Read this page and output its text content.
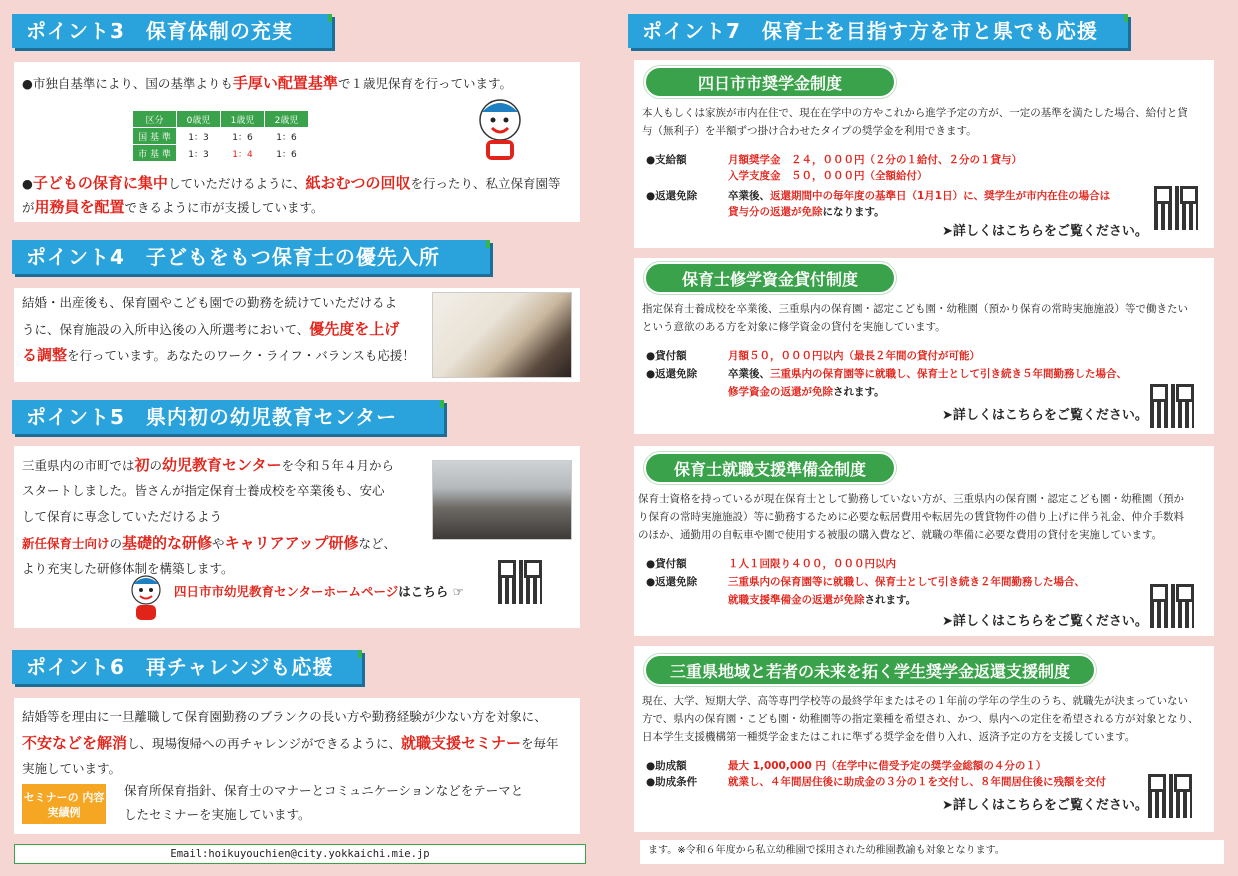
ポイント3　保育体制の充実
●市独自基準により、国の基準よりも手厚い配置基準で１歳児保育を行っています。
区分	0歳児	1歳児	2歳児
国 基 準	1：3	1：6	1：6
市 基 準	1：3	1：4	1：6
●子どもの保育に集中していただけるように、紙おむつの回収を行ったり、私立保育園等
が用務員を配置できるように市が支援しています。
ポイント4　子どもをもつ保育士の優先入所
結婚・出産後も、保育園やこども園での勤務を続けていただけるよ
うに、保育施設の入所申込後の入所選考において、優先度を上げ
る調整を行っています。あなたのワーク・ライフ・バランスも応援！
ポイント5　県内初の幼児教育センター
三重県内の市町では初の幼児教育センターを令和５年４月から
スタートしました。皆さんが指定保育士養成校を卒業後も、安心
して保育に専念していただけるよう
新任保育士向けの基礎的な研修やキャリアアップ研修など、
より充実した研修体制を構築します。
四日市市幼児教育センターホームページはこちら ☞
ポイント6　再チャレンジも応援
結婚等を理由に一旦離職して保育園勤務のブランクの長い方や勤務経験が少ない方を対象に、
不安などを解消し、現場復帰への再チャレンジができるように、就職支援セミナーを毎年
実施しています。
セミナーの 内容実績例
保育所保育指針、保育士のマナーとコミュニケーションなどをテーマと
したセミナーを実施しています。
Email:hoikuyouchien@city.yokkaichi.mie.jp
ポイント7　保育士を目指す方を市と県でも応援
四日市市奨学金制度
本人もしくは家族が市内在住で、現在在学中の方やこれから進学予定の方が、一定の基準を満たした場合、給付と貸
与（無利子）を半額ずつ掛け合わせたタイプの奨学金を利用できます。
●支給額	月額奨学金　２４，０００円（２分の１給付、２分の１貸与）
入学支度金　５０，０００円（全額給付）
●返還免除	卒業後、返還期間中の毎年度の基準日（1月1日）に、奨学生が市内在住の場合は
貸与分の返還が免除になります。
➤詳しくはこちらをご覧ください。
保育士修学資金貸付制度
指定保育士養成校を卒業後、三重県内の保育園・認定こども園・幼稚園（預かり保育の常時実施施設）等で働きたい
という意欲のある方を対象に修学資金の貸付を実施しています。
●貸付額	月額５０，０００円以内（最長２年間の貸付が可能）
●返還免除	卒業後、三重県内の保育園等に就職し、保育士として引き続き５年間勤務した場合、
修学資金の返還が免除されます。
➤詳しくはこちらをご覧ください。
保育士就職支援準備金制度
保育士資格を持っているが現在保育士として勤務していない方が、三重県内の保育園・認定こども園・幼稚園（預か
り保育の常時実施施設）等に勤務するために必要な転居費用や転居先の賃貸物件の借り上げに伴う礼金、仲介手数料
のほか、通勤用の自転車や園で使用する被服の購入費など、就職の準備に必要な費用の貸付を実施しています。
●貸付額	１人１回限り４００，０００円以内
●返還免除	三重県内の保育園等に就職し、保育士として引き続き２年間勤務した場合、
就職支援準備金の返還が免除されます。
➤詳しくはこちらをご覧ください。
三重県地域と若者の未来を拓く学生奨学金返還支援制度
現在、大学、短期大学、高等専門学校等の最終学年またはその１年前の学年の学生のうち、就職先が決まっていない
方で、県内の保育園・こども園・幼稚園等の指定業種を希望され、かつ、県内への定住を希望される方が対象となり、
日本学生支援機構第一種奨学金またはこれに準ずる奨学金を借り入れ、返済予定の方を支援しています。
●助成額	最大 1,000,000 円（在学中に借受予定の奨学金総額の４分の１）
●助成条件	就業し、４年間居住後に助成金の３分の１を交付し、８年間居住後に残額を交付
➤詳しくはこちらをご覧ください。
ます。※令和６年度から私立幼稚園で採用された幼稚園教諭も対象となります。
